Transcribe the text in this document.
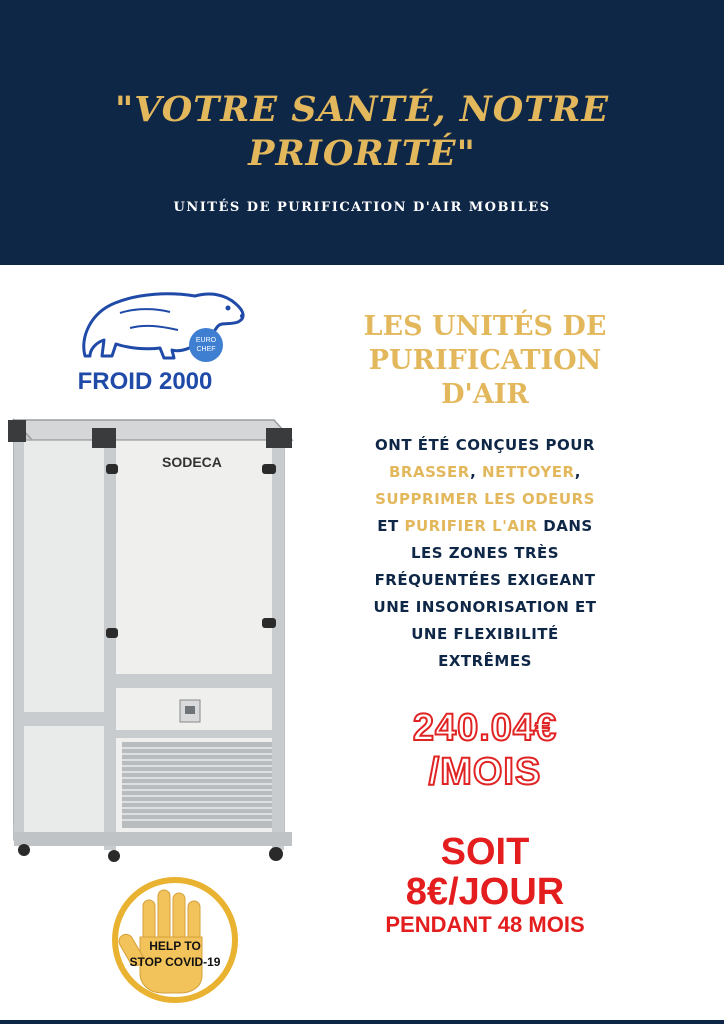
"VOTRE SANTÉ, NOTRE
PRIORITÉ"
UNITÉS DE PURIFICATION D'AIR MOBILES
EURO
CHEF
FROID 2000
SODECA
HELP TO
STOP COVID-19
LES UNITÉS DE
PURIFICATION
D'AIR
ONT ÉTÉ CONÇUES POUR
BRASSER, NETTOYER,
SUPPRIMER LES ODEURS
ET PURIFIER L'AIR DANS
LES ZONES TRÈS
FRÉQUENTÉES EXIGEANT
UNE INSONORISATION ET
UNE FLEXIBILITÉ
EXTRÊMES
240.04€
/MOIS
SOIT
8€/JOUR
PENDANT 48 MOIS
